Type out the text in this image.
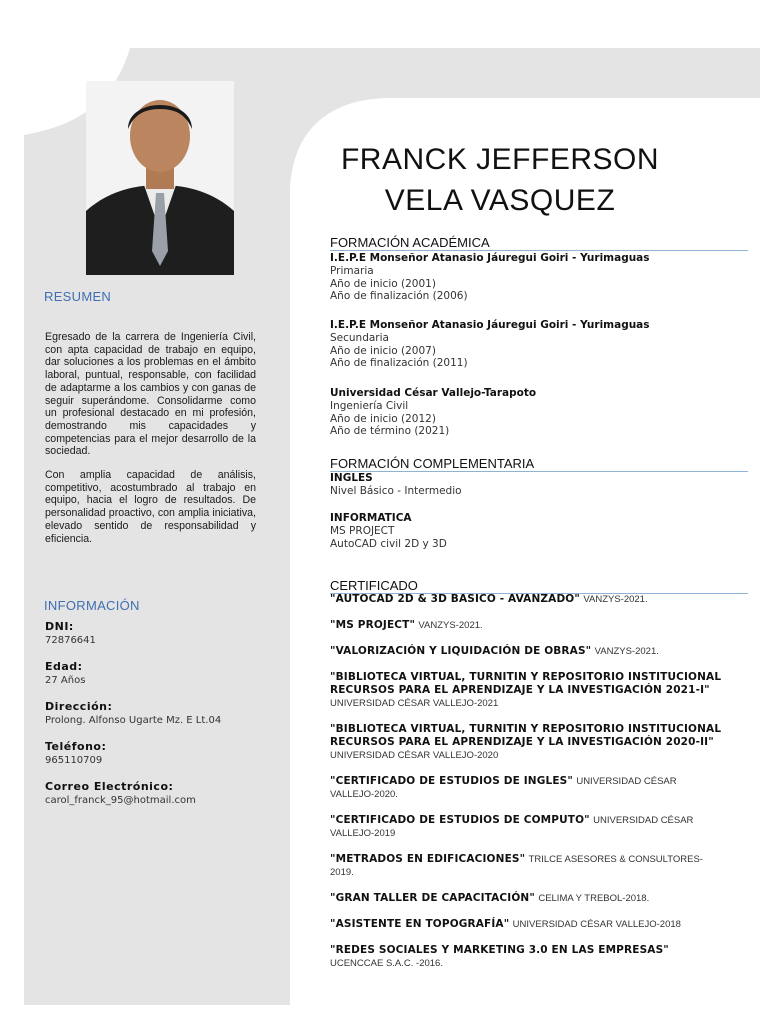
RESUMEN

Egresado de la carrera de Ingeniería Civil, con apta capacidad de trabajo en equipo, dar soluciones a los problemas en el ámbito laboral, puntual, responsable, con facilidad de adaptarme a los cambios y con ganas de seguir superándome. Consolidarme como un profesional destacado en mi profesión, demostrando mis capacidades y competencias para el mejor desarrollo de la sociedad.

Con amplia capacidad de análisis, competitivo, acostumbrado al trabajo en equipo, hacia el logro de resultados. De personalidad proactivo, con amplia iniciativa, elevado sentido de responsabilidad y eficiencia.

INFORMACIÓN
DNI:
72876641
Edad:
27 Años
Dirección:
Prolong. Alfonso Ugarte Mz. E Lt.04
Teléfono:
965110709
Correo Electrónico:
carol_franck_95@hotmail.com
FRANCK JEFFERSON
VELA VASQUEZ
FORMACIÓN ACADÉMICA
I.E.P.E Monseñor Atanasio Jáuregui Goiri - Yurimaguas
Primaria
Año de inicio (2001)
Año de finalización (2006)
I.E.P.E Monseñor Atanasio Jáuregui Goiri - Yurimaguas
Secundaria
Año de inicio (2007)
Año de finalización (2011)
Universidad César Vallejo-Tarapoto
Ingeniería Civil
Año de inicio (2012)
Año de término (2021)
FORMACIÓN COMPLEMENTARIA
INGLES
Nivel Básico - Intermedio
INFORMATICA
MS PROJECT
AutoCAD civil 2D y 3D
CERTIFICADO
"AUTOCAD 2D & 3D BASICO - AVANZADO" VANZYS-2021.
"MS PROJECT" VANZYS-2021.
"VALORIZACIÓN Y LIQUIDACIÓN DE OBRAS" VANZYS-2021.
"BIBLIOTECA VIRTUAL, TURNITIN Y REPOSITORIO INSTITUCIONAL RECURSOS PARA EL APRENDIZAJE Y LA INVESTIGACIÓN 2021-I" UNIVERSIDAD CÉSAR VALLEJO-2021
"BIBLIOTECA VIRTUAL, TURNITIN Y REPOSITORIO INSTITUCIONAL RECURSOS PARA EL APRENDIZAJE Y LA INVESTIGACIÓN 2020-II" UNIVERSIDAD CÉSAR VALLEJO-2020
"CERTIFICADO DE ESTUDIOS DE INGLES" UNIVERSIDAD CÉSAR VALLEJO-2020.
"CERTIFICADO DE ESTUDIOS DE COMPUTO" UNIVERSIDAD CÉSAR VALLEJO-2019
"METRADOS EN EDIFICACIONES" TRILCE ASESORES & CONSULTORES-2019.
"GRAN TALLER DE CAPACITACIÓN" CELIMA Y TREBOL-2018.
"ASISTENTE EN TOPOGRAFÍA" UNIVERSIDAD CÉSAR VALLEJO-2018
"REDES SOCIALES Y MARKETING 3.0 EN LAS EMPRESAS" UCENCCAE S.A.C. -2016.
